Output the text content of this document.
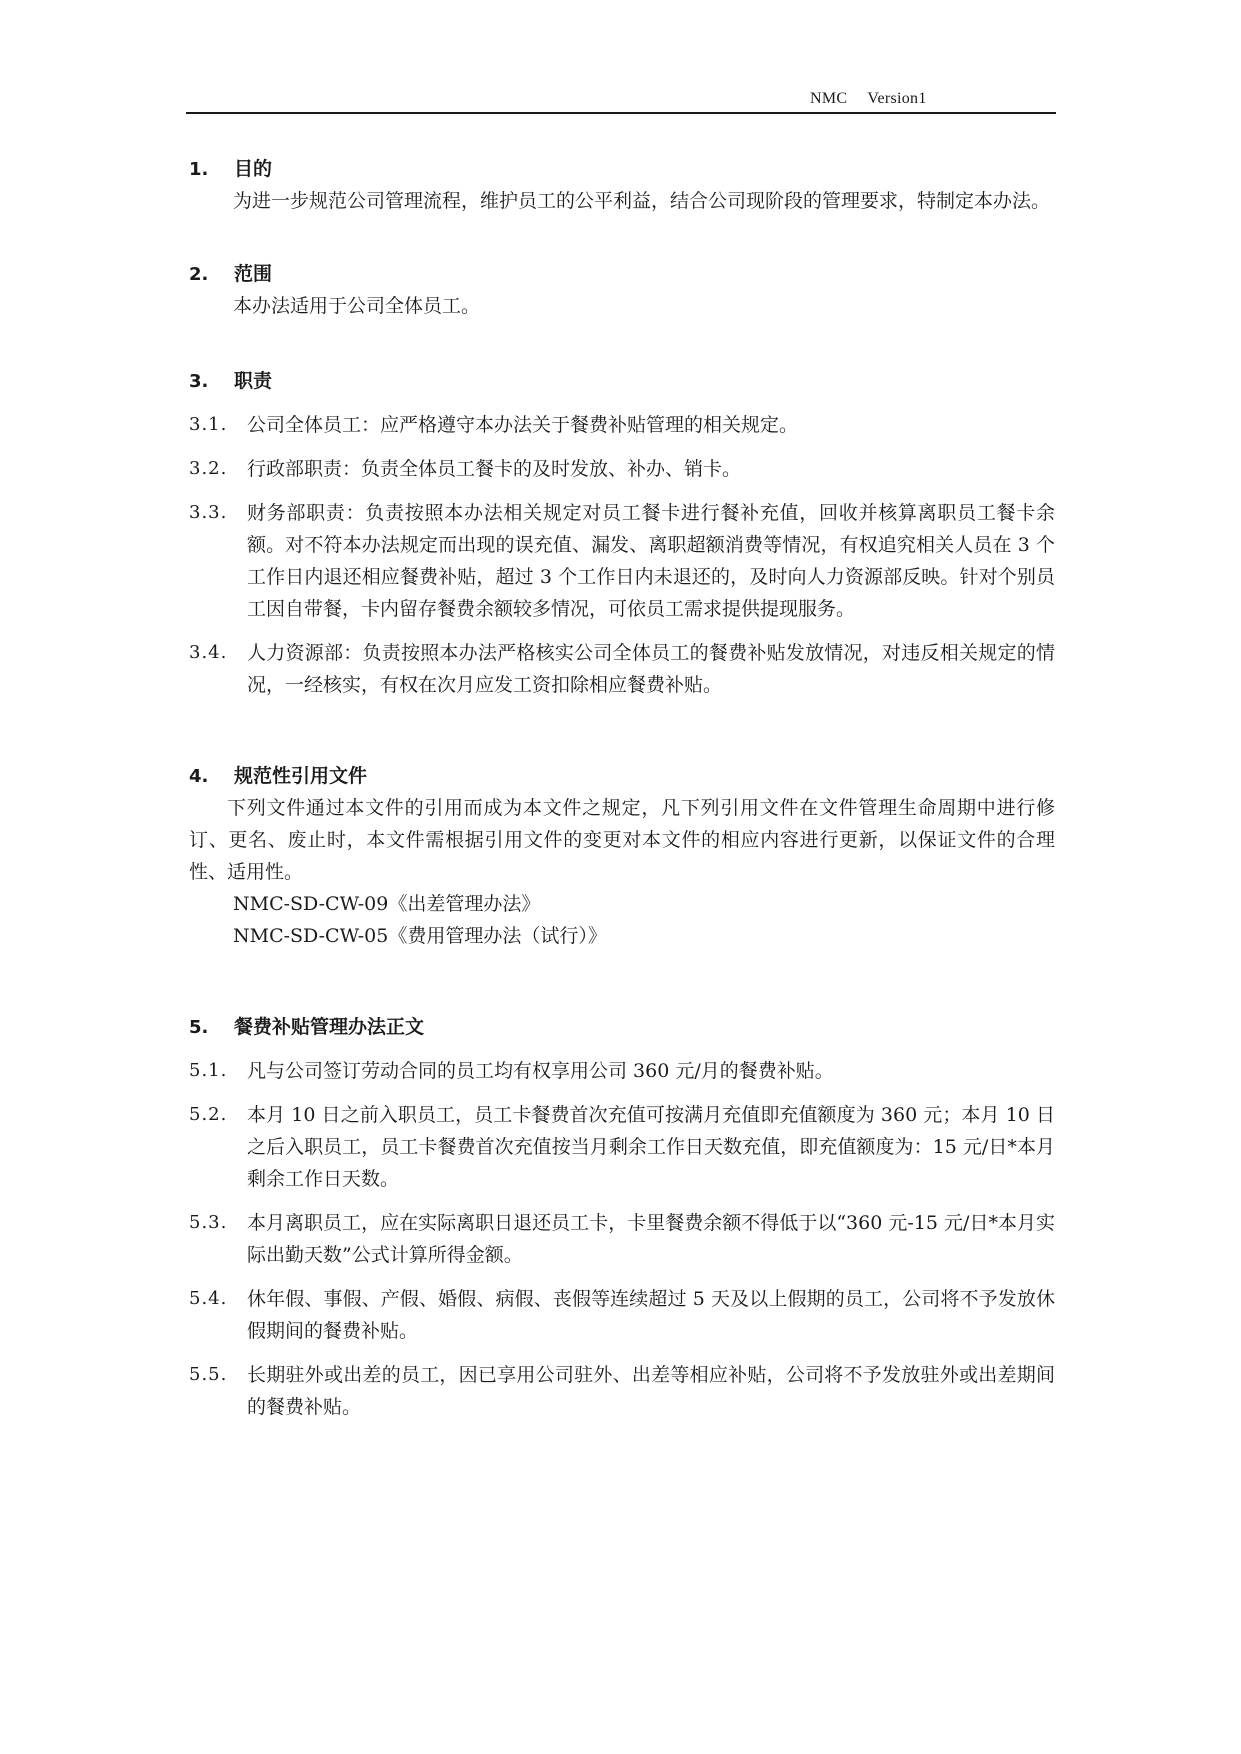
NMC Version1
1.	目的

为进一步规范公司管理流程，维护员工的公平利益，结合公司现阶段的管理要求，特制定本办法。

2.	范围

本办法适用于公司全体员工。

3.	职责
3.1.	公司全体员工：应严格遵守本办法关于餐费补贴管理的相关规定。
3.2.	行政部职责：负责全体员工餐卡的及时发放、补办、销卡。
3.3.	财务部职责：负责按照本办法相关规定对员工餐卡进行餐补充值，回收并核算离职员工餐卡余额。对不符本办法规定而出现的误充值、漏发、离职超额消费等情况，有权追究相关人员在 3 个工作日内退还相应餐费补贴，超过 3 个工作日内未退还的，及时向人力资源部反映。针对个别员工因自带餐，卡内留存餐费余额较多情况，可依员工需求提供提现服务。
3.4.	人力资源部：负责按照本办法严格核实公司全体员工的餐费补贴发放情况，对违反相关规定的情况，一经核实，有权在次月应发工资扣除相应餐费补贴。
4.	规范性引用文件

下列文件通过本文件的引用而成为本文件之规定，凡下列引用文件在文件管理生命周期中进行修订、更名、废止时，本文件需根据引用文件的变更对本文件的相应内容进行更新，以保证文件的合理性、适用性。

NMC-SD-CW-09《出差管理办法》
NMC-SD-CW-05《费用管理办法（试行）》
5.	餐费补贴管理办法正文
5.1.	凡与公司签订劳动合同的员工均有权享用公司 360 元/月的餐费补贴。
5.2.	本月 10 日之前入职员工，员工卡餐费首次充值可按满月充值即充值额度为 360 元；本月 10 日之后入职员工，员工卡餐费首次充值按当月剩余工作日天数充值，即充值额度为：15 元/日*本月剩余工作日天数。
5.3.	本月离职员工，应在实际离职日退还员工卡，卡里餐费余额不得低于以“360 元-15 元/日*本月实际出勤天数”公式计算所得金额。
5.4.	休年假、事假、产假、婚假、病假、丧假等连续超过 5 天及以上假期的员工，公司将不予发放休假期间的餐费补贴。
5.5.	长期驻外或出差的员工，因已享用公司驻外、出差等相应补贴，公司将不予发放驻外或出差期间的餐费补贴。
